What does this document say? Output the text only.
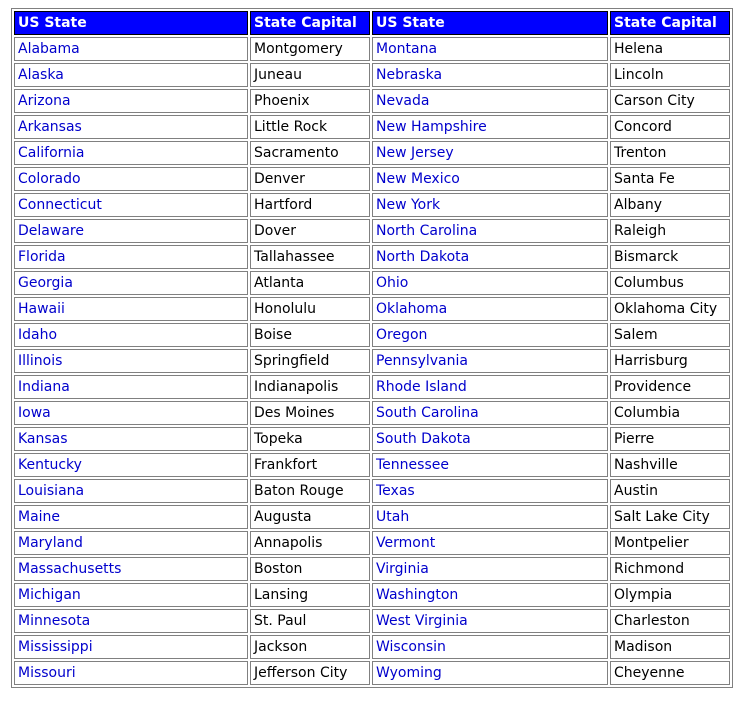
US State	State Capital	US State	State Capital
Alabama	Montgomery	Montana	Helena
Alaska	Juneau	Nebraska	Lincoln
Arizona	Phoenix	Nevada	Carson City
Arkansas	Little Rock	New Hampshire	Concord
California	Sacramento	New Jersey	Trenton
Colorado	Denver	New Mexico	Santa Fe
Connecticut	Hartford	New York	Albany
Delaware	Dover	North Carolina	Raleigh
Florida	Tallahassee	North Dakota	Bismarck
Georgia	Atlanta	Ohio	Columbus
Hawaii	Honolulu	Oklahoma	Oklahoma City
Idaho	Boise	Oregon	Salem
Illinois	Springfield	Pennsylvania	Harrisburg
Indiana	Indianapolis	Rhode Island	Providence
Iowa	Des Moines	South Carolina	Columbia
Kansas	Topeka	South Dakota	Pierre
Kentucky	Frankfort	Tennessee	Nashville
Louisiana	Baton Rouge	Texas	Austin
Maine	Augusta	Utah	Salt Lake City
Maryland	Annapolis	Vermont	Montpelier
Massachusetts	Boston	Virginia	Richmond
Michigan	Lansing	Washington	Olympia
Minnesota	St. Paul	West Virginia	Charleston
Mississippi	Jackson	Wisconsin	Madison
Missouri	Jefferson City	Wyoming	Cheyenne
